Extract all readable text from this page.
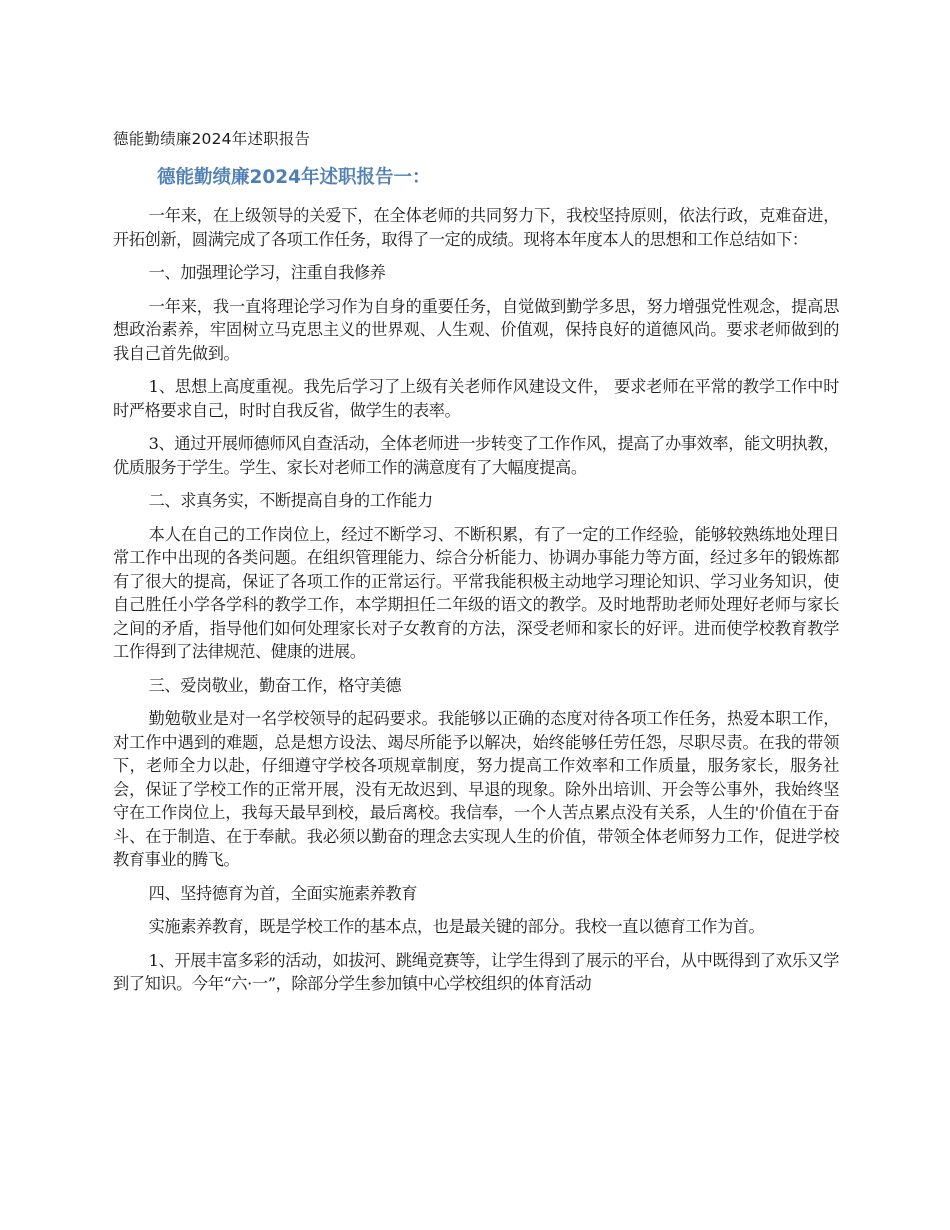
德能勤绩廉2024年述职报告

德能勤绩廉2024年述职报告一：

一年来，在上级领导的关爱下，在全体老师的共同努力下，我校坚持原则，依法行政，克难奋进，开拓创新，圆满完成了各项工作任务，取得了一定的成绩。现将本年度本人的思想和工作总结如下：

一、加强理论学习，注重自我修养

一年来，我一直将理论学习作为自身的重要任务，自觉做到勤学多思，努力增强党性观念，提高思想政治素养，牢固树立马克思主义的世界观、人生观、价值观，保持良好的道德风尚。要求老师做到的我自己首先做到。

1、思想上高度重视。我先后学习了上级有关老师作风建设文件， 要求老师在平常的教学工作中时时严格要求自己，时时自我反省，做学生的表率。

3、通过开展师德师风自查活动，全体老师进一步转变了工作作风，提高了办事效率，能文明执教，优质服务于学生。学生、家长对老师工作的满意度有了大幅度提高。

二、求真务实，不断提高自身的工作能力

本人在自己的工作岗位上，经过不断学习、不断积累，有了一定的工作经验，能够较熟练地处理日常工作中出现的各类问题。在组织管理能力、综合分析能力、协调办事能力等方面，经过多年的锻炼都有了很大的提高，保证了各项工作的正常运行。平常我能积极主动地学习理论知识、学习业务知识，使自己胜任小学各学科的教学工作，本学期担任二年级的语文的教学。及时地帮助老师处理好老师与家长之间的矛盾，指导他们如何处理家长对子女教育的方法，深受老师和家长的好评。进而使学校教育教学工作得到了法律规范、健康的进展。

三、爱岗敬业，勤奋工作，格守美德

勤勉敬业是对一名学校领导的起码要求。我能够以正确的态度对待各项工作任务，热爱本职工作，对工作中遇到的难题，总是想方设法、竭尽所能予以解决，始终能够任劳任怨，尽职尽责。在我的带领下，老师全力以赴，仔细遵守学校各项规章制度，努力提高工作效率和工作质量，服务家长，服务社会，保证了学校工作的正常开展，没有无故迟到、早退的现象。除外出培训、开会等公事外，我始终坚守在工作岗位上，我每天最早到校，最后离校。我信奉，一个人苦点累点没有关系，人生的'价值在于奋斗、在于制造、在于奉献。我必须以勤奋的理念去实现人生的价值，带领全体老师努力工作，促进学校教育事业的腾飞。

四、坚持德育为首，全面实施素养教育

实施素养教育，既是学校工作的基本点，也是最关键的部分。我校一直以德育工作为首。

1、开展丰富多彩的活动，如拔河、跳绳竞赛等，让学生得到了展示的平台，从中既得到了欢乐又学到了知识。今年“六·一”，除部分学生参加镇中心学校组织的体育活动
